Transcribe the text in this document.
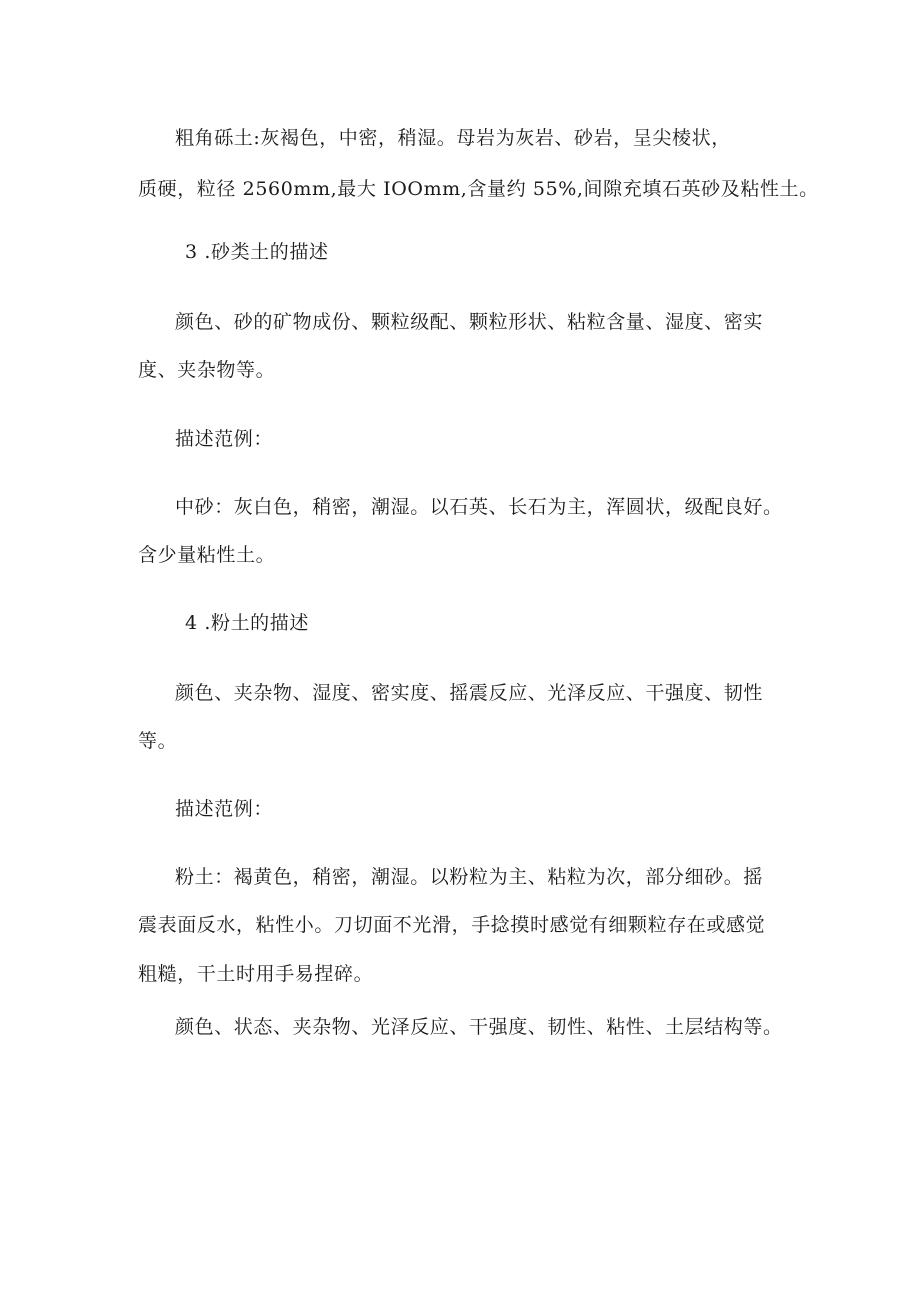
粗角砾土:灰褐色，中密，稍湿。母岩为灰岩、砂岩，呈尖棱状，
质硬，粒径 2560mm,最大 IOOmm,含量约 55%,间隙充填石英砂及粘性土。
3 .砂类土的描述
颜色、砂的矿物成份、颗粒级配、颗粒形状、粘粒含量、湿度、密实
度、夹杂物等。
描述范例：
中砂：灰白色，稍密，潮湿。以石英、长石为主，浑圆状，级配良好。
含少量粘性土。
4 .粉土的描述
颜色、夹杂物、湿度、密实度、摇震反应、光泽反应、干强度、韧性
等。
描述范例：
粉土：褐黄色，稍密，潮湿。以粉粒为主、粘粒为次，部分细砂。摇
震表面反水，粘性小。刀切面不光滑，手捻摸时感觉有细颗粒存在或感觉
粗糙，干土时用手易捏碎。
颜色、状态、夹杂物、光泽反应、干强度、韧性、粘性、土层结构等。
